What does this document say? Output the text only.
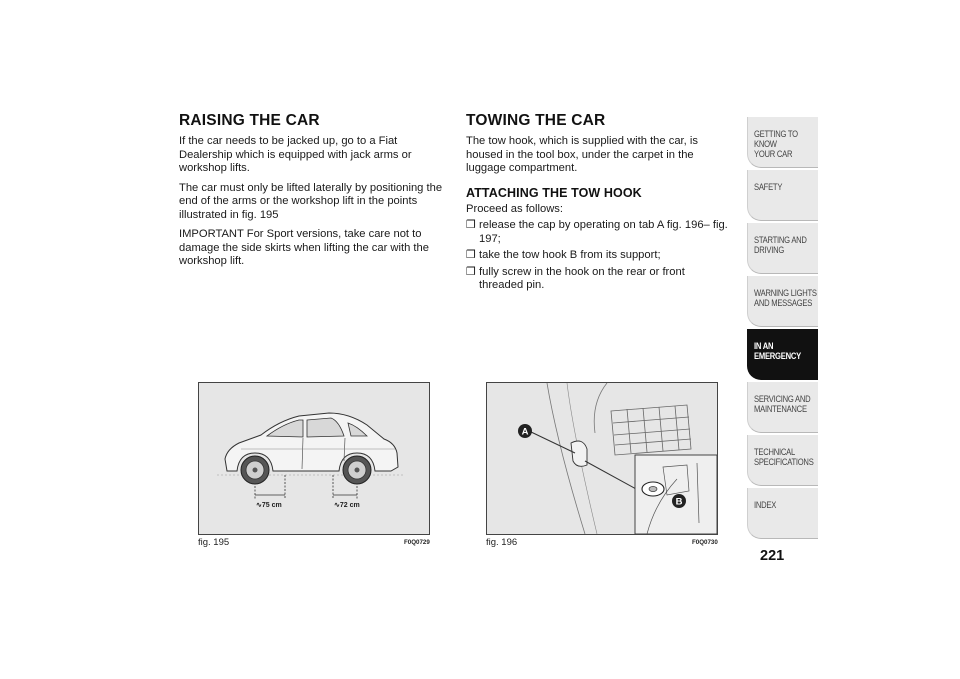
RAISING THE CAR

If the car needs to be jacked up, go to a Fiat Dealership which is equipped with jack arms or workshop lifts.

The car must only be lifted laterally by positioning the end of the arms or the workshop lift in the points illustrated in fig. 195

IMPORTANT For Sport versions, take care not to damage the side skirts when lifting the car with the workshop lift.

TOWING THE CAR

The tow hook, which is supplied with the car, is housed in the tool box, under the carpet in the luggage compartment.

ATTACHING THE TOW HOOK

Proceed as follows:

❒ release the cap by operating on tab A fig. 196– fig. 197;
❒ take the tow hook B from its support;
❒ fully screw in the hook on the rear or front threaded pin.
∿75 cm	∿72 cm
fig. 195	F0Q0729
A
B
fig. 196	F0Q0730
GETTING TO KNOW
YOUR CAR
SAFETY

STARTING AND
DRIVING
WARNING LIGHTS
AND MESSAGES
IN AN
EMERGENCY
SERVICING AND
MAINTENANCE
TECHNICAL
SPECIFICATIONS
INDEX

221
